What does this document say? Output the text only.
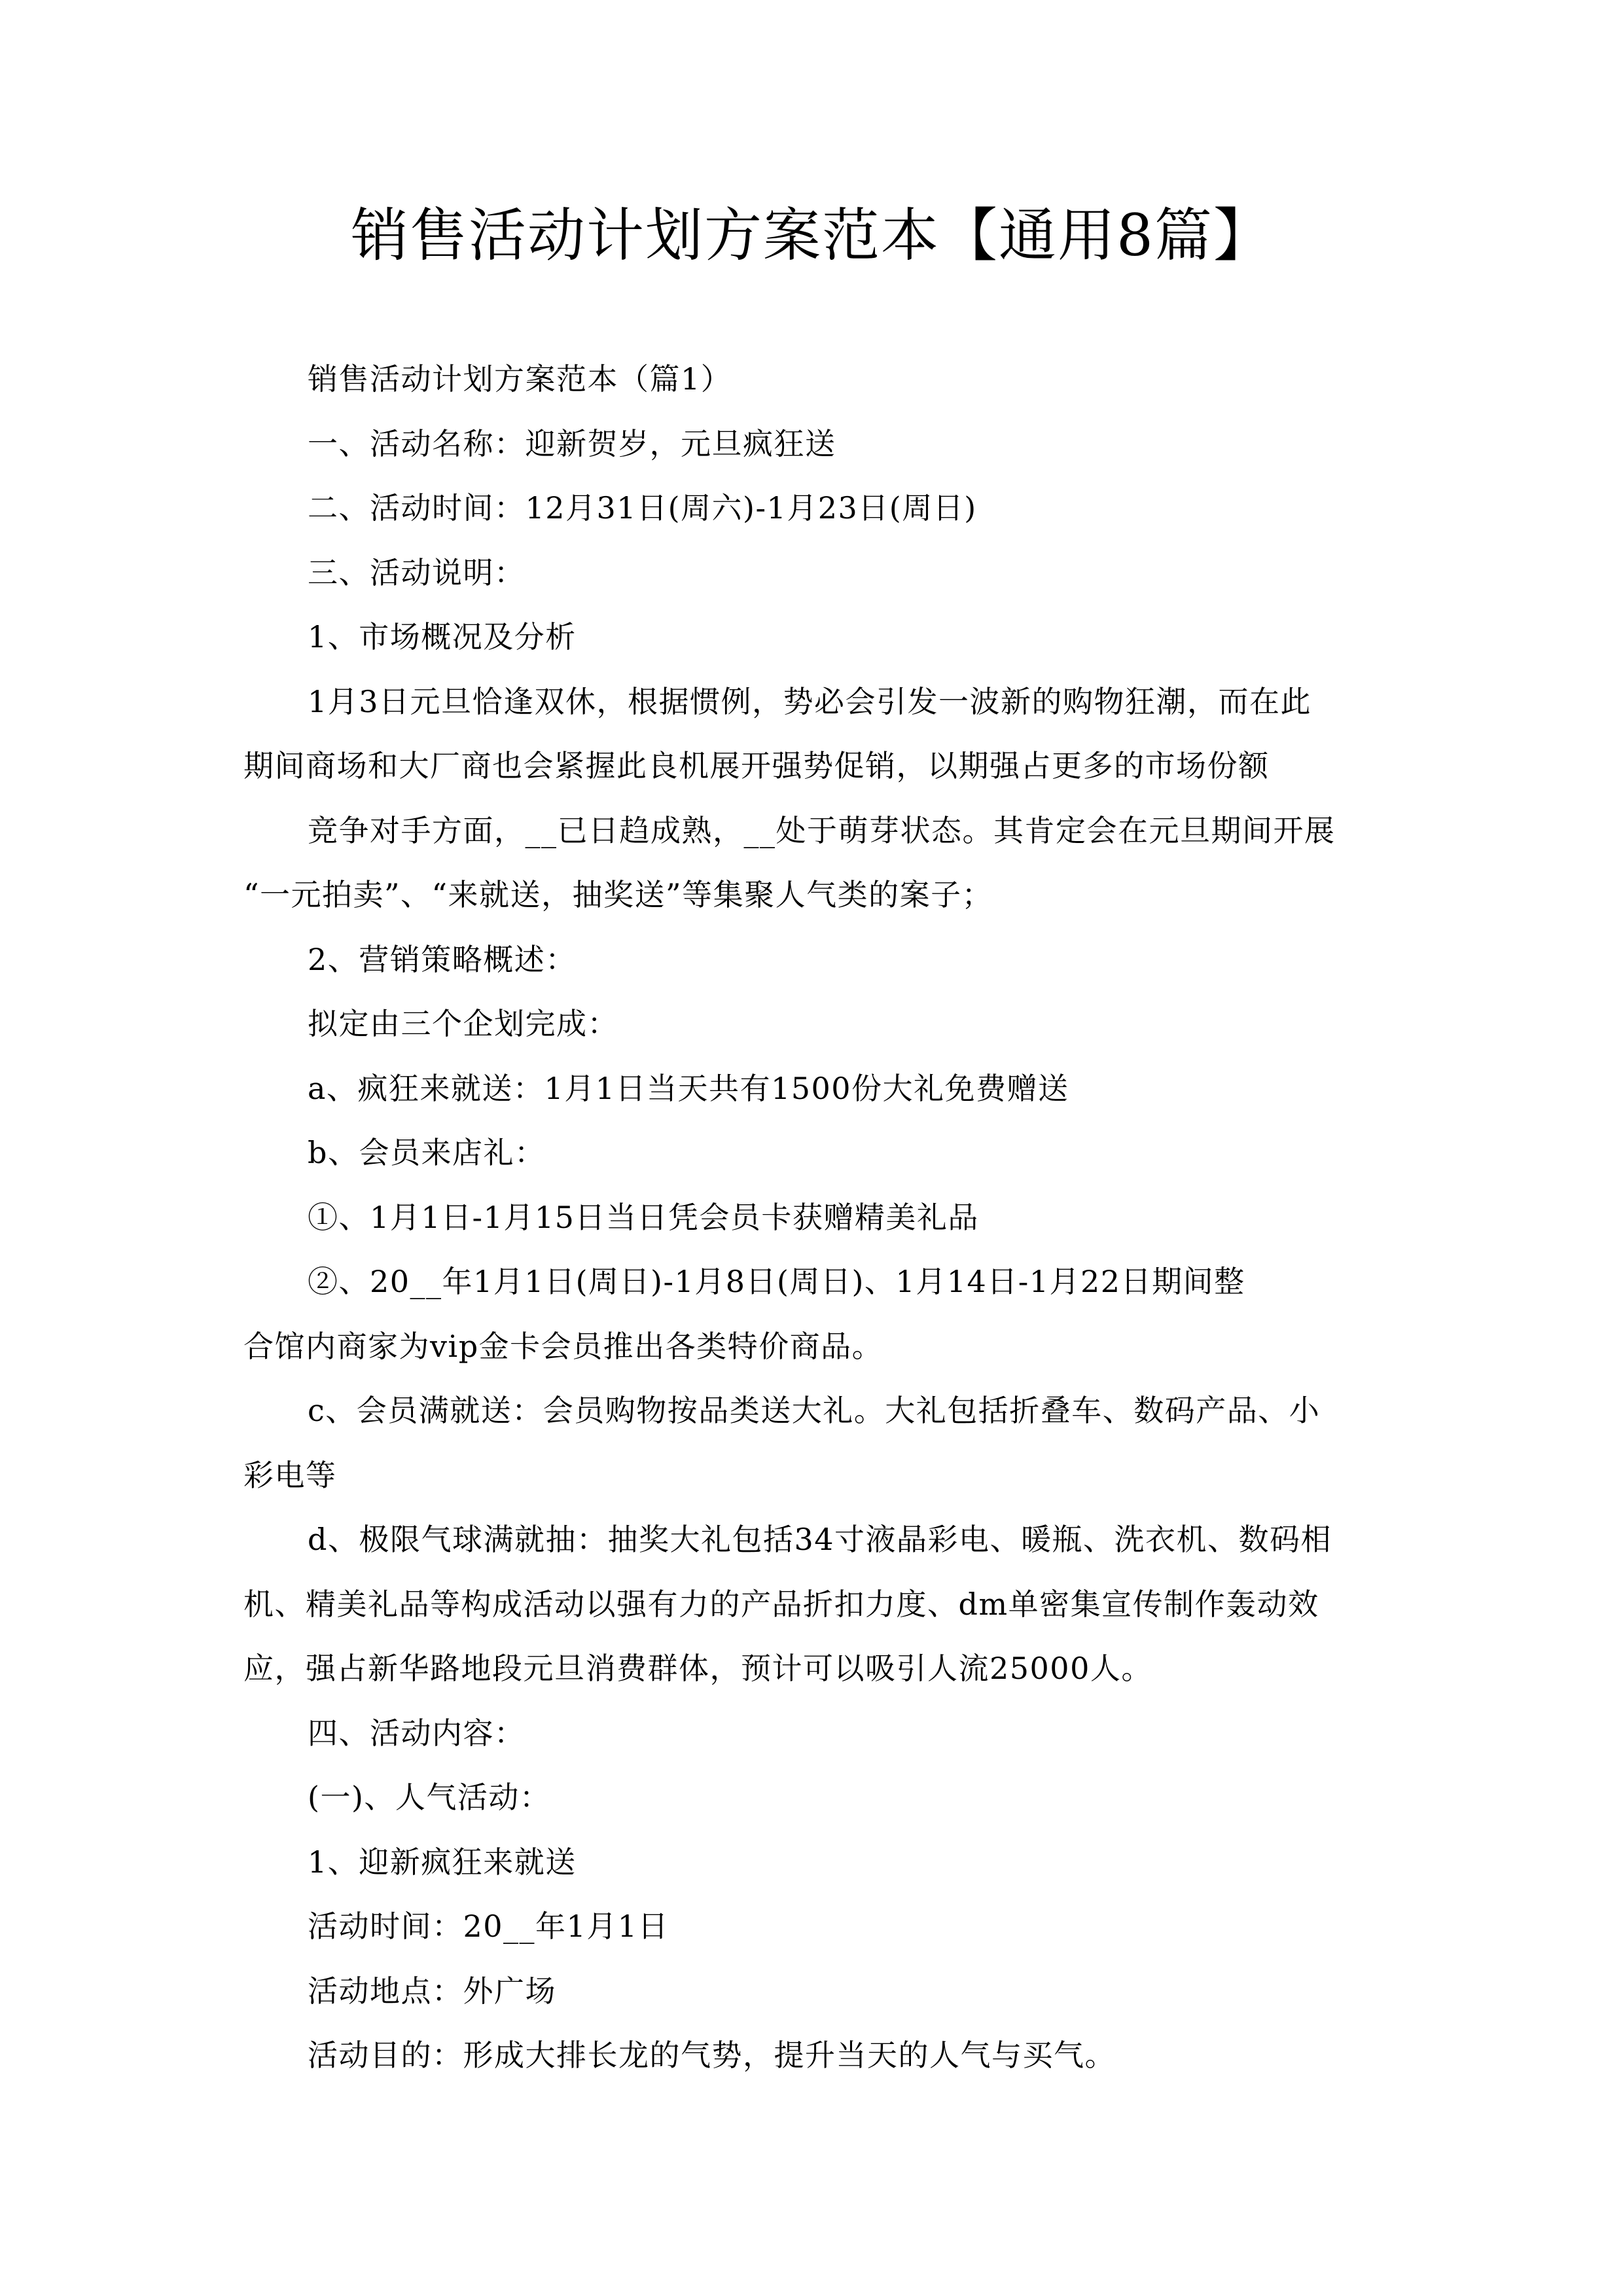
销售活动计划方案范本【通用8篇】
销售活动计划方案范本（篇1）
一、活动名称：迎新贺岁，元旦疯狂送
二、活动时间：12月31日(周六)-1月23日(周日)
三、活动说明：
1、市场概况及分析
1月3日元旦恰逢双休，根据惯例，势必会引发一波新的购物狂潮，而在此
期间商场和大厂商也会紧握此良机展开强势促销，以期强占更多的市场份额
竞争对手方面，__已日趋成熟，__处于萌芽状态。其肯定会在元旦期间开展
“一元拍卖”、“来就送，抽奖送”等集聚人气类的案子；
2、营销策略概述：
拟定由三个企划完成：
a、疯狂来就送：1月1日当天共有1500份大礼免费赠送
b、会员来店礼：
①、1月1日-1月15日当日凭会员卡获赠精美礼品
②、20__年1月1日(周日)-1月8日(周日)、1月14日-1月22日期间整
合馆内商家为vip金卡会员推出各类特价商品。
c、会员满就送：会员购物按品类送大礼。大礼包括折叠车、数码产品、小
彩电等
d、极限气球满就抽：抽奖大礼包括34寸液晶彩电、暖瓶、洗衣机、数码相
机、精美礼品等构成活动以强有力的产品折扣力度、dm单密集宣传制作轰动效
应，强占新华路地段元旦消费群体，预计可以吸引人流25000人。
四、活动内容：
(一)、人气活动：
1、迎新疯狂来就送
活动时间：20__年1月1日
活动地点：外广场
活动目的：形成大排长龙的气势，提升当天的人气与买气。
